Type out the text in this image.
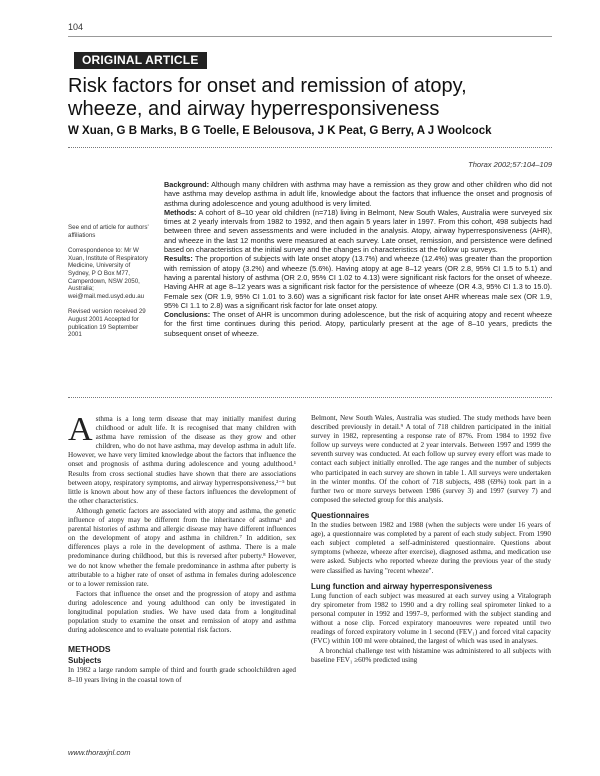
104
ORIGINAL ARTICLE
Risk factors for onset and remission of atopy, wheeze, and airway hyperresponsiveness

W Xuan, G B Marks, B G Toelle, E Belousova, J K Peat, G Berry, A J Woolcock

Thorax 2002;57:104–109

See end of article for authors' affiliations

Correspondence to: Mr W Xuan, Institute of Respiratory Medicine, University of Sydney, P O Box M77, Camperdown, NSW 2050, Australia; wei@mail.med.usyd.edu.au

Revised version received 29 August 2001 Accepted for publication 19 September 2001

Background: Although many children with asthma may have a remission as they grow and other children who did not have asthma may develop asthma in adult life, knowledge about the factors that influence the onset and prognosis of asthma during adolescence and young adulthood is very limited.

Methods: A cohort of 8–10 year old children (n=718) living in Belmont, New South Wales, Australia were surveyed six times at 2 yearly intervals from 1982 to 1992, and then again 5 years later in 1997. From this cohort, 498 subjects had between three and seven assessments and were included in the analysis. Atopy, airway hyperresponsiveness (AHR), and wheeze in the last 12 months were measured at each survey. Late onset, remission, and persistence were defined based on characteristics at the initial survey and the changes in characteristics at the follow up surveys.

Results: The proportion of subjects with late onset atopy (13.7%) and wheeze (12.4%) was greater than the proportion with remission of atopy (3.2%) and wheeze (5.6%). Having atopy at age 8–12 years (OR 2.8, 95% CI 1.5 to 5.1) and having a parental history of asthma (OR 2.0, 95% CI 1.02 to 4.13) were significant risk factors for the onset of wheeze. Having AHR at age 8–12 years was a significant risk factor for the persistence of wheeze (OR 4.3, 95% CI 1.3 to 15.0). Female sex (OR 1.9, 95% CI 1.01 to 3.60) was a significant risk factor for late onset AHR whereas male sex (OR 1.9, 95% CI 1.1 to 2.8) was a significant risk factor for late onset atopy.

Conclusions: The onset of AHR is uncommon during adolescence, but the risk of acquiring atopy and recent wheeze for the first time continues during this period. Atopy, particularly present at the age of 8–10 years, predicts the subsequent onset of wheeze.

Asthma is a long term disease that may initially manifest during childhood or adult life. It is recognised that many children with asthma have remission of the disease as they grow and other children, who do not have asthma, may develop asthma in adult life. However, we have very limited knowledge about the factors that influence the onset and prognosis of asthma during adolescence and young adulthood.¹ Results from cross sectional studies have shown that there are associations between atopy, respiratory symptoms, and airway hyperresponsiveness,²⁻⁵ but little is known about how any of these factors influences the development of the other characteristics.

Although genetic factors are associated with atopy and asthma, the genetic influence of atopy may be different from the inheritance of asthma⁶ and parental histories of asthma and allergic disease may have different influences on the development of atopy and asthma in children.⁷ In addition, sex differences plays a role in the development of asthma. There is a male predominance during childhood, but this is reversed after puberty.⁸ However, we do not know whether the female predominance in asthma after puberty is attributable to a higher rate of onset of asthma in females during adolescence or to a lower remission rate.

Factors that influence the onset and the progression of atopy and asthma during adolescence and young adulthood can only be investigated in longitudinal population studies. We have used data from a longitudinal population study to examine the onset and remission of atopy and asthma during adolescence and to evaluate potential risk factors.

METHODS
Subjects

In 1982 a large random sample of third and fourth grade schoolchildren aged 8–10 years living in the coastal town of

Belmont, New South Wales, Australia was studied. The study methods have been described previously in detail.⁹ A total of 718 children participated in the initial survey in 1982, representing a response rate of 87%. From 1984 to 1992 five follow up surveys were conducted at 2 year intervals. Between 1997 and 1999 the seventh survey was conducted. At each follow up survey every effort was made to contact each subject initially enrolled. The age ranges and the number of subjects who participated in each survey are shown in table 1. All surveys were undertaken in the winter months. Of the cohort of 718 subjects, 498 (69%) took part in a further two or more surveys between 1986 (survey 3) and 1997 (survey 7) and composed the selected group for this analysis.

Questionnaires

In the studies between 1982 and 1988 (when the subjects were under 16 years of age), a questionnaire was completed by a parent of each study subject. From 1990 each subject completed a self-administered questionnaire. Questions about symptoms (wheeze, wheeze after exercise), diagnosed asthma, and medication use were asked. Subjects who reported wheeze during the previous year of the study were classified as having "recent wheeze".

Lung function and airway hyperresponsiveness

Lung function of each subject was measured at each survey using a Vitalograph dry spirometer from 1982 to 1990 and a dry rolling seal spirometer linked to a personal computer in 1992 and 1997–9, performed with the subject standing and without a nose clip. Forced expiratory manoeuvres were repeated until two readings of forced expiratory volume in 1 second (FEV₁) and forced vital capacity (FVC) within 100 ml were obtained, the largest of which was used in analyses.

A bronchial challenge test with histamine was administered to all subjects with baseline FEV₁ ≥60% predicted using

www.thoraxjnl.com
